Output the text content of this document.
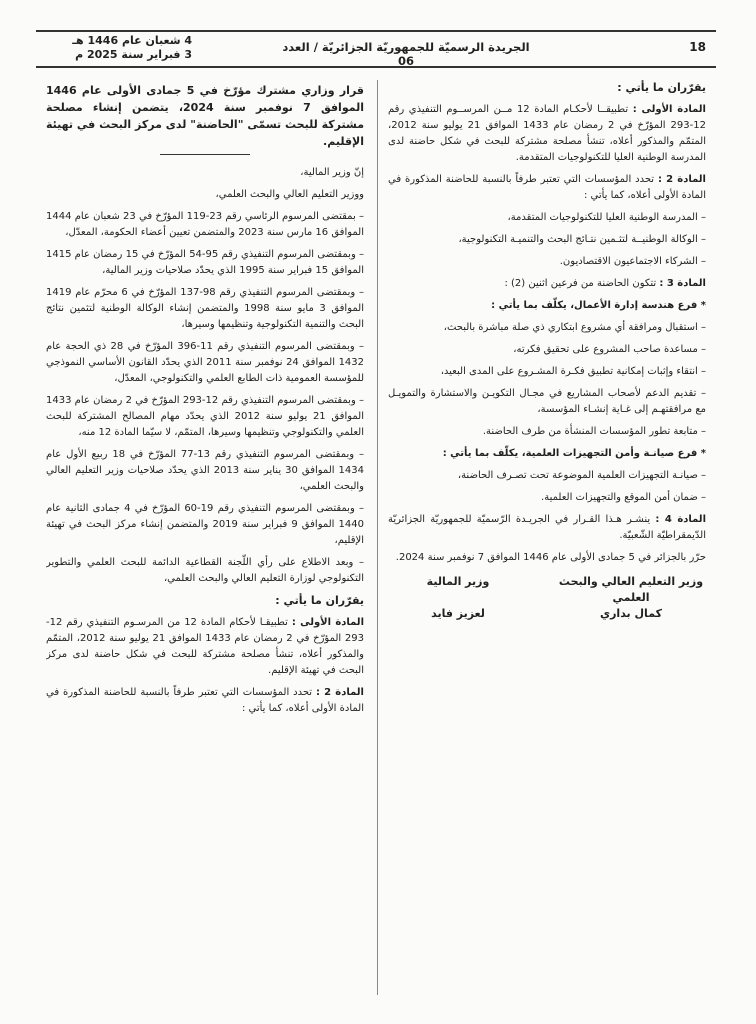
4 شعبان عام 1446 هـ
3 فبراير سنة 2025 م
الجريدة الرسميّة للجمهوريّة الجزائريّة / العدد 06
18

يقرّران ما يأتي :

المادة الأولى : تطبيقــا لأحكـام المادة 12 مــن المرســوم التنفيذي رقم 12-293 المؤرّخ في 2 رمضان عام 1433 الموافق 21 يوليو سنة 2012، المتمّم والمذكور أعلاه، تنشأ مصلحة مشتركة للبحث في شكل حاضنة لدى المدرسة الوطنية العليا للتكنولوجيات المتقدمة.

المادة 2 : تحدد المؤسسات التي تعتبر طرفاً بالنسبة للحاضنة المذكورة في المادة الأولى أعلاه، كما يأتي :

– المدرسة الوطنية العليا للتكنولوجيات المتقدمة،

– الوكالة الوطنيــة لتثـمين نتـائج البحث والتنميـة التكنولوجية،

– الشركاء الاجتماعيون الاقتصاديون.

المادة 3 : تتكون الحاضنة من فرعين اثنين (2) :

* فرع هندسة إدارة الأعمال، يكلّف بما يأتي :

– استقبال ومرافقة أي مشروع ابتكاري ذي صلة مباشرة بالبحث،

– مساعدة صاحب المشروع على تحقيق فكرته،

– انتقاء وإثبات إمكانية تطبيق فكـرة المشـروع على المدى البعيد،

– تقديم الدعم لأصحاب المشاريع في مجـال التكويـن والاستشارة والتمويـل مع مرافقتهـم إلى غـاية إنشـاء المؤسسة،

– متابعة تطور المؤسسات المنشأة من طرف الحاضنة.

* فرع صيانـة وأمن التجهيزات العلمية، يكلّف بما يأتي :

– صيانـة التجهيزات العلمية الموضوعة تحت تصـرف الحاضنة،

– ضمان أمن الموقع والتجهيزات العلمية.

المادة 4 : ينشـر هـذا القـرار في الجريـدة الرّسميّة للجمهوريّة الجزائريّة الدّيمقراطيّة الشّعبيّة.

حرّر بالجزائر في 5 جمادى الأولى عام 1446 الموافق 7 نوفمبر سنة 2024.

وزير التعليم العالي والبحث العلمي
كمال بداري
وزير المالية
لعزيز فايد

قرار وزاري مشترك مؤرّخ في 5 جمادى الأولى عام 1446 الموافق 7 نوفمبر سنة 2024، يتضمن إنشاء مصلحة مشتركة للبحث تسمّى "الحاضنة" لدى مركز البحث في تهيئة الإقليم.

إنّ وزير المالية،

ووزير التعليم العالي والبحث العلمي،

– بمقتضى المرسوم الرئاسي رقم 23-119 المؤرّخ في 23 شعبان عام 1444 الموافق 16 مارس سنة 2023 والمتضمن تعيين أعضاء الحكومة، المعدّل،

– وبمقتضى المرسوم التنفيذي رقم 95-54 المؤرّخ في 15 رمضان عام 1415 الموافق 15 فبراير سنة 1995 الذي يحدّد صلاحيات وزير المالية،

– وبمقتضى المرسوم التنفيذي رقم 98-137 المؤرّخ في 6 محرّم عام 1419 الموافق 3 مايو سنة 1998 والمتضمن إنشاء الوكالة الوطنية لتثمين نتائج البحث والتنمية التكنولوجية وتنظيمها وسيرها،

– وبمقتضى المرسوم التنفيذي رقم 11-396 المؤرّخ في 28 ذي الحجة عام 1432 الموافق 24 نوفمبر سنة 2011 الذي يحدّد القانون الأساسي النموذجي للمؤسسة العمومية ذات الطابع العلمي والتكنولوجي، المعدّل،

– وبمقتضى المرسوم التنفيذي رقم 12-293 المؤرّخ في 2 رمضان عام 1433 الموافق 21 يوليو سنة 2012 الذي يحدّد مهام المصالح المشتركة للبحث العلمي والتكنولوجي وتنظيمها وسيرها، المتمّم، لا سيّما المادة 12 منه،

– وبمقتضى المرسوم التنفيذي رقم 13-77 المؤرّخ في 18 ربيع الأول عام 1434 الموافق 30 يناير سنة 2013 الذي يحدّد صلاحيات وزير التعليم العالي والبحث العلمي،

– وبمقتضى المرسوم التنفيذي رقم 19-60 المؤرّخ في 4 جمادى الثانية عام 1440 الموافق 9 فبراير سنة 2019 والمتضمن إنشاء مركز البحث في تهيئة الإقليم،

– وبعد الاطلاع على رأي اللّجنة القطاعية الدائمة للبحث العلمي والتطوير التكنولوجي لوزارة التعليم العالي والبحث العلمي،

يقرّران ما يأتي :

المادة الأولى : تطبيقـا لأحكام المادة 12 من المرسـوم التنفيذي رقم 12-293 المؤرّخ في 2 رمضان عام 1433 الموافق 21 يوليو سنة 2012، المتمّم والمذكور أعلاه، تنشأ مصلحة مشتركة للبحث في شكل حاضنة لدى مركز البحث في تهيئة الإقليم.

المادة 2 : تحدد المؤسسات التي تعتبر طرفاً بالنسبة للحاضنة المذكورة في المادة الأولى أعلاه، كما يأتي :
